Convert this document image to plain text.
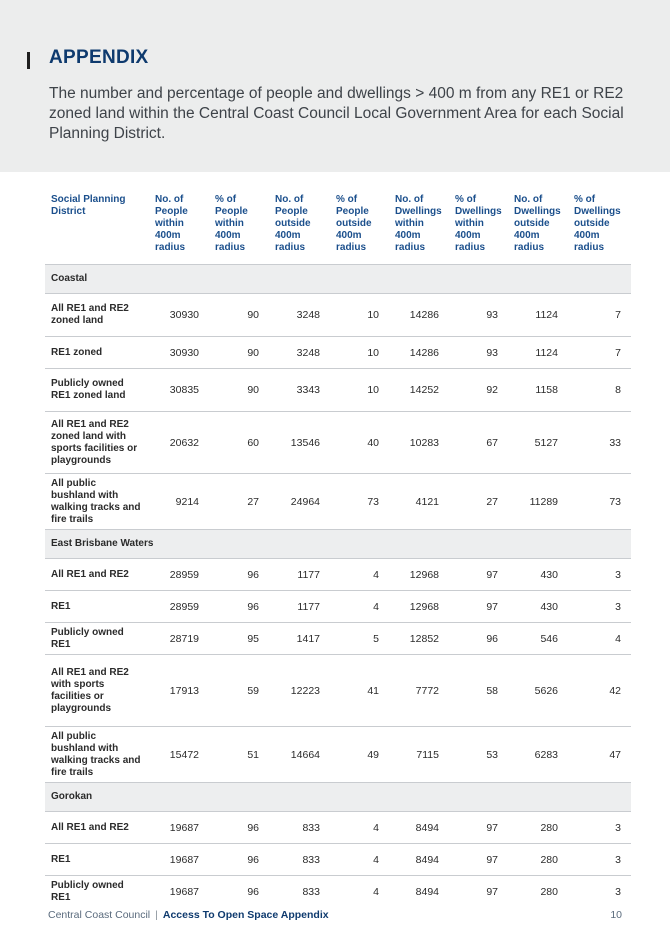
APPENDIX

The number and percentage of people and dwellings > 400 m from any RE1 or RE2 zoned land within the Central Coast Council Local Government Area for each Social Planning District.

Social Planning District	No. of People within 400m radius	% of People within 400m radius	No. of People outside 400m radius	% of People outside 400m radius	No. of Dwellings within 400m radius	% of Dwellings within 400m radius	No. of Dwellings outside 400m radius	% of Dwellings outside 400m radius
Coastal								
All RE1 and RE2 zoned land	30930	90	3248	10	14286	93	1124	7
RE1 zoned	30930	90	3248	10	14286	93	1124	7
Publicly owned RE1 zoned land	30835	90	3343	10	14252	92	1158	8
All RE1 and RE2 zoned land with sports facilities or playgrounds	20632	60	13546	40	10283	67	5127	33
All public bushland with walking tracks and fire trails	9214	27	24964	73	4121	27	11289	73
East Brisbane Waters								
All RE1 and RE2	28959	96	1177	4	12968	97	430	3
RE1	28959	96	1177	4	12968	97	430	3
Publicly owned RE1	28719	95	1417	5	12852	96	546	4
All RE1 and RE2 with sports facilities or playgrounds	17913	59	12223	41	7772	58	5626	42
All public bushland with walking tracks and fire trails	15472	51	14664	49	7115	53	6283	47
Gorokan								
All RE1 and RE2	19687	96	833	4	8494	97	280	3
RE1	19687	96	833	4	8494	97	280	3
Publicly owned RE1	19687	96	833	4	8494	97	280	3
Central Coast Council | Access To Open Space Appendix	10
